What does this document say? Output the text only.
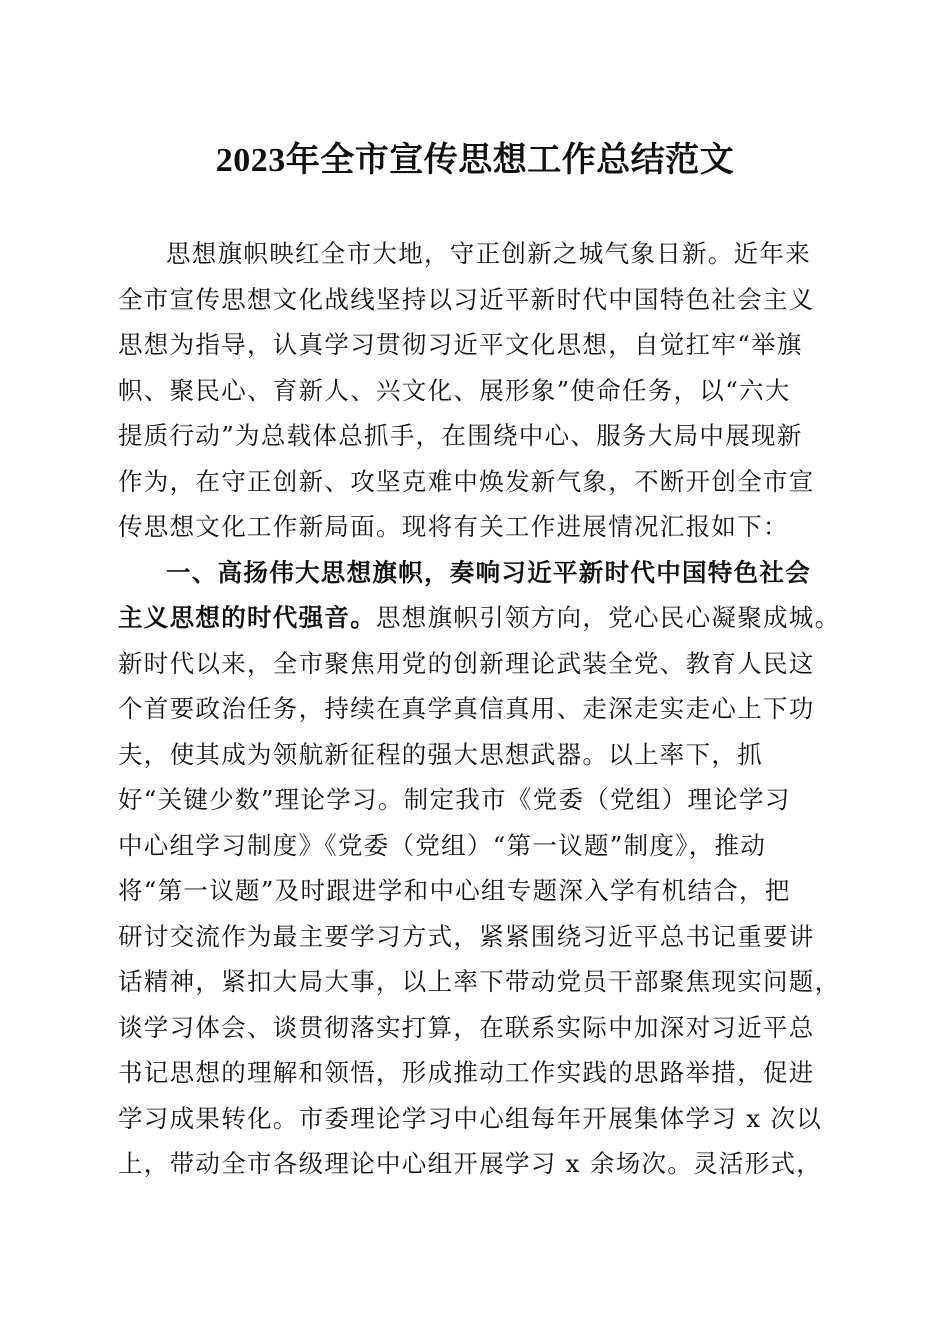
2023年全市宣传思想工作总结范文
思想旗帜映红全市大地，守正创新之城气象日新。近年来
全市宣传思想文化战线坚持以习近平新时代中国特色社会主义
思想为指导，认真学习贯彻习近平文化思想，自觉扛牢“举旗
帜、聚民心、育新人、兴文化、展形象”使命任务，以“六大
提质行动”为总载体总抓手，在围绕中心、服务大局中展现新
作为，在守正创新、攻坚克难中焕发新气象，不断开创全市宣
传思想文化工作新局面。现将有关工作进展情况汇报如下：
一、高扬伟大思想旗帜，奏响习近平新时代中国特色社会
主义思想的时代强音。思想旗帜引领方向，党心民心凝聚成城。
新时代以来，全市聚焦用党的创新理论武装全党、教育人民这
个首要政治任务，持续在真学真信真用、走深走实走心上下功
夫，使其成为领航新征程的强大思想武器。以上率下，抓
好“关键少数”理论学习。制定我市《党委（党组）理论学习
中心组学习制度》《党委（党组）“第一议题”制度》，推动
将“第一议题”及时跟进学和中心组专题深入学有机结合，把
研讨交流作为最主要学习方式，紧紧围绕习近平总书记重要讲
话精神，紧扣大局大事，以上率下带动党员干部聚焦现实问题，
谈学习体会、谈贯彻落实打算，在联系实际中加深对习近平总
书记思想的理解和领悟，形成推动工作实践的思路举措，促进
学习成果转化。市委理论学习中心组每年开展集体学习 x 次以
上，带动全市各级理论中心组开展学习 x 余场次。灵活形式，
